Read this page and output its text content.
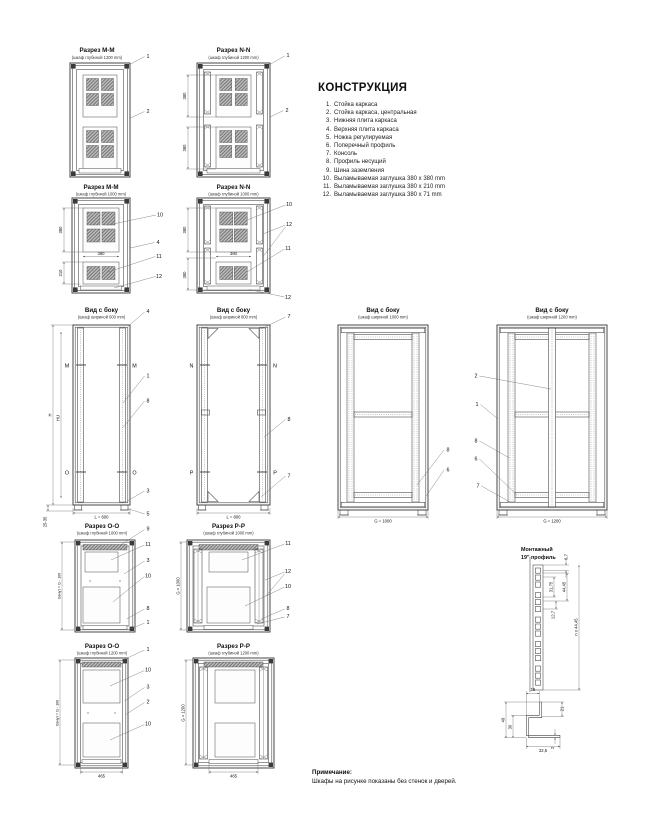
Разрез М-М
(шкаф глубиной 1200 mm)	1
2
Разрез N-N
(шкаф глубиной 1200 mm)
380
380
1
2
Разрез М-М
(шкаф глубиной 1000 mm)
380
380
210
10
4
11
12
Разрез N-N
(шкаф глубиной 1000 mm)
380
380
380
10
12
11
12
Вид с боку
(шкаф шириной 600 mm)
M	M
O	O
H HU
25-35	L = 600
4
1
8
3
5
Вид с боку
(шкаф шириной 800 mm)
N	N
P	P
L = 800
7
8
7
Вид с боку
(шкаф шириной 1000 mm)
G = 1000
8
6
Вид с боку
(шкаф шириной 1200 mm)
G = 1200
2
1
8
6
7
Разрез О-О
(шкаф глубиной 1000 mm)
Gвнут = G - 100
9
11
3
10
8
1
Разрез P-P
(шкаф глубиной 1000 mm)
G = 1000
11
12
10
8
7
Разрез О-О
(шкаф глубиной 1200 mm)
Gвнут = G - 100
465
1
10
3
2
10
Разрез P-P
(шкаф глубиной 1200 mm)
G = 1200
465
Монтажный
19" профиль 6,7
31,75 44,45
12,7
n x 44,45
15
49
30
21
2
32,5
КОНСТРУКЦИЯ
1. Стойка каркаса
2. Стойка каркаса, центральная
3. Нижняя плита каркаса
4. Верхняя плита каркаса
5. Ножка регулируемая
6. Поперечный профиль
7. Консоль
8. Профиль несущий
9. Шина заземления
10. Выламываемая заглушка 380 x 380 mm
11. Выламываемая заглушка 380 x 210 mm
12. Выламываемая заглушка 380 x 71 mm
Примечание:
Шкафы на рисунке показаны без стенок и дверей.
